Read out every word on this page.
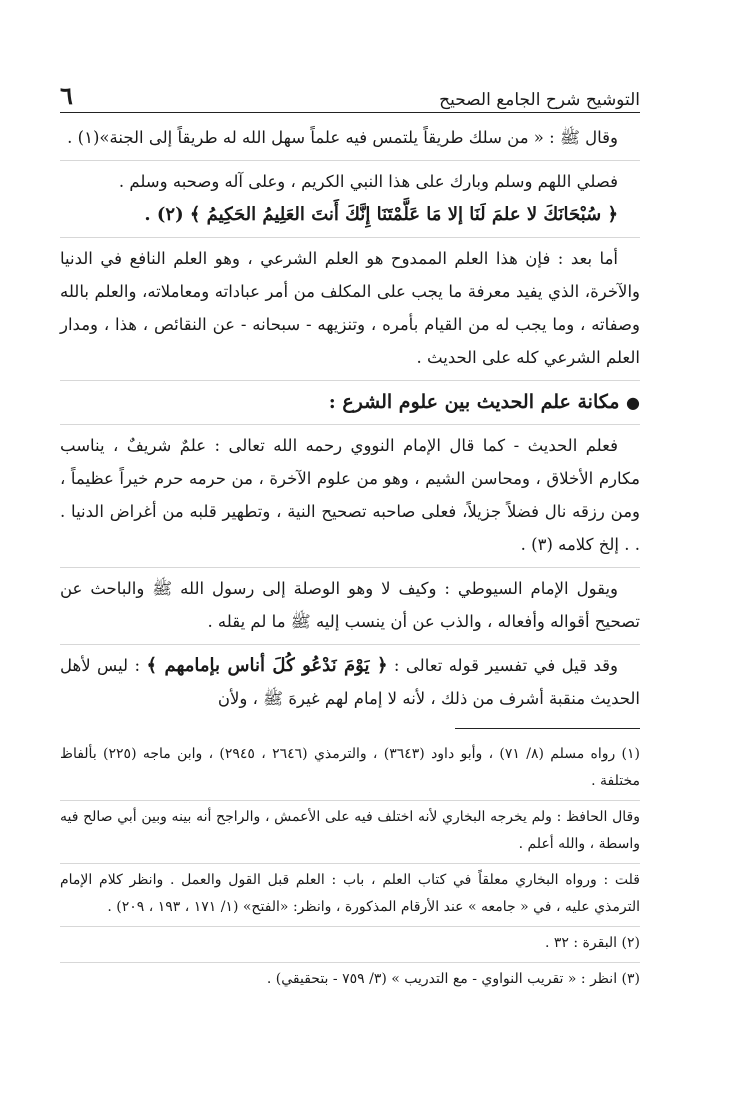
التوشيح شرح الجامع الصحيح
٦

وقال ﷺ : « من سلك طريقاً يلتمس فيه علماً سهل الله له طريقاً إلى الجنة»(١) .

فصلي اللهم وسلم وبارك على هذا النبي الكريم ، وعلى آله وصحبه وسلم .

﴿ سُبْحَانَكَ لا علمَ لَنَا إلا مَا عَلَّمْتَنَا إِنَّكَ أَنتَ العَلِيمُ الحَكِيمُ ﴾ (٢) .

أما بعد : فإن هذا العلم الممدوح هو العلم الشرعي ، وهو العلم النافع في الدنيا والآخرة، الذي يفيد معرفة ما يجب على المكلف من أمر عباداته ومعاملاته، والعلم بالله وصفاته ، وما يجب له من القيام بأمره ، وتنزيهه - سبحانه - عن النقائص ، هذا ، ومدار العلم الشرعي كله على الحديث .

● مكانة علم الحديث بين علوم الشرع :

فعلم الحديث - كما قال الإمام النووي رحمه الله تعالى : علمٌ شريفٌ ، يناسب مكارم الأخلاق ، ومحاسن الشيم ، وهو من علوم الآخرة ، من حرمه حرم خيراً عظيماً ، ومن رزقه نال فضلاً جزيلاً، فعلى صاحبه تصحيح النية ، وتطهير قلبه من أغراض الدنيا . . . إلخ كلامه (٣) .

ويقول الإمام السيوطي : وكيف لا وهو الوصلة إلى رسول الله ﷺ والباحث عن تصحيح أقواله وأفعاله ، والذب عن أن ينسب إليه ﷺ ما لم يقله .

وقد قيل في تفسير قوله تعالى : ﴿ يَوْمَ نَدْعُو كُلَ أناس بإمامهم ﴾ : ليس لأهل الحديث منقبة أشرف من ذلك ، لأنه لا إمام لهم غيرهَ ﷺ ، ولأن

(١) رواه مسلم (٨/ ٧١) ، وأبو داود (٣٦٤٣) ، والترمذي (٢٦٤٦ ، ٢٩٤٥) ، وابن ماجه (٢٢٥) بألفاظ مختلفة .

وقال الحافظ : ولم يخرجه البخاري لأنه اختلف فيه على الأعمش ، والراجح أنه بينه وبين أبي صالح فيه واسطة ، والله أعلم .

قلت : ورواه البخاري معلقاً في كتاب العلم ، باب : العلم قبل القول والعمل . وانظر كلام الإمام الترمذي عليه ، في « جامعه » عند الأرقام المذكورة ، وانظر: «الفتح» (١/ ١٧١ ، ١٩٣ ، ٢٠٩) .

(٢) البقرة : ٣٢ .

(٣) انظر : « تقريب النواوي - مع التدريب » (٣/ ٧٥٩ - بتحقيقي) .
